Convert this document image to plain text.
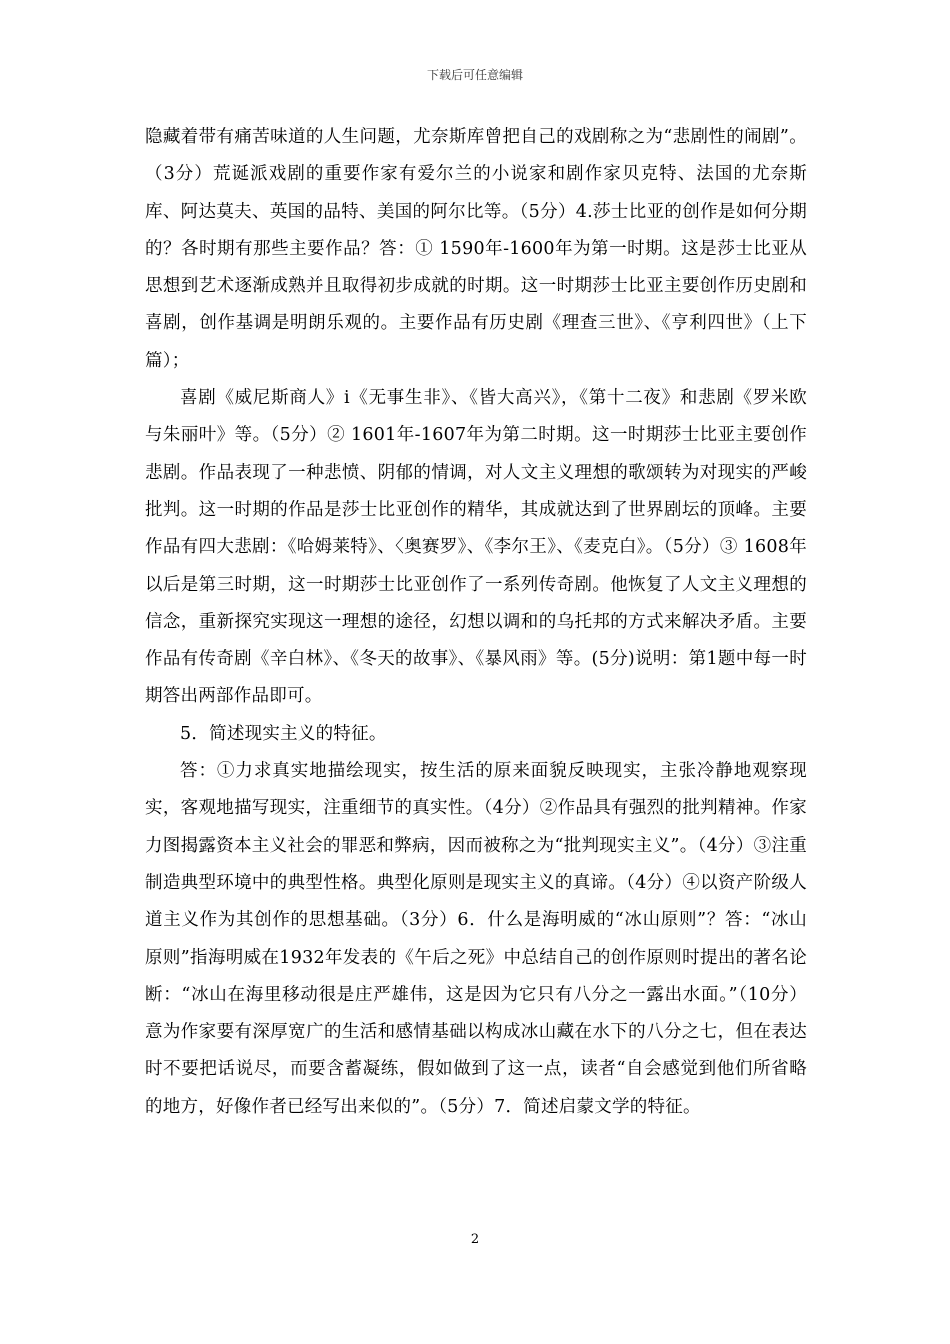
下载后可任意编辑

隐藏着带有痛苦味道的人生问题，尤奈斯库曾把自己的戏剧称之为“悲剧性的闹剧”。（3分）荒诞派戏剧的重要作家有爱尔兰的小说家和剧作家贝克特、法国的尤奈斯库、阿达莫夫、英国的品特、美国的阿尔比等。（5分）4.莎士比亚的创作是如何分期的？各时期有那些主要作品？答：① 1590年-1600年为第一时期。这是莎士比亚从思想到艺术逐渐成熟并且取得初步成就的时期。这一时期莎士比亚主要创作历史剧和喜剧，创作基调是明朗乐观的。主要作品有历史剧《理查三世》、《亨利四世》（上下篇）；

喜剧《威尼斯商人》i《无事生非》、《皆大高兴》，《第十二夜》和悲剧《罗米欧与朱丽叶》等。（5分）② 1601年-1607年为第二时期。这一时期莎士比亚主要创作悲剧。作品表现了一种悲愤、阴郁的情调，对人文主义理想的歌颂转为对现实的严峻批判。这一时期的作品是莎士比亚创作的精华，其成就达到了世界剧坛的顶峰。主要作品有四大悲剧：《哈姆莱特》、〈奥赛罗》、《李尔王》、《麦克白》。（5分）③ 1608年以后是第三时期，这一时期莎士比亚创作了一系列传奇剧。他恢复了人文主义理想的信念，重新探究实现这一理想的途径，幻想以调和的乌托邦的方式来解决矛盾。主要作品有传奇剧《辛白林》、《冬天的故事》、《暴风雨》等。(5分)说明：第1题中每一时期答出两部作品即可。

5．简述现实主义的特征。

答：①力求真实地描绘现实，按生活的原来面貌反映现实，主张冷静地观察现实，客观地描写现实，注重细节的真实性。（4分）②作品具有强烈的批判精神。作家力图揭露资本主义社会的罪恶和弊病，因而被称之为“批判现实主义”。（4分）③注重制造典型环境中的典型性格。典型化原则是现实主义的真谛。（4分）④以资产阶级人道主义作为其创作的思想基础。（3分）6．什么是海明威的“冰山原则”？答：“冰山原则”指海明威在1932年发表的《午后之死》中总结自己的创作原则时提出的著名论断：“冰山在海里移动很是庄严雄伟，这是因为它只有八分之一露出水面。”（10分）意为作家要有深厚宽广的生活和感情基础以构成冰山藏在水下的八分之七，但在表达时不要把话说尽，而要含蓄凝练，假如做到了这一点，读者“自会感觉到他们所省略的地方，好像作者已经写出来似的”。（5分）7．简述启蒙文学的特征。

2
